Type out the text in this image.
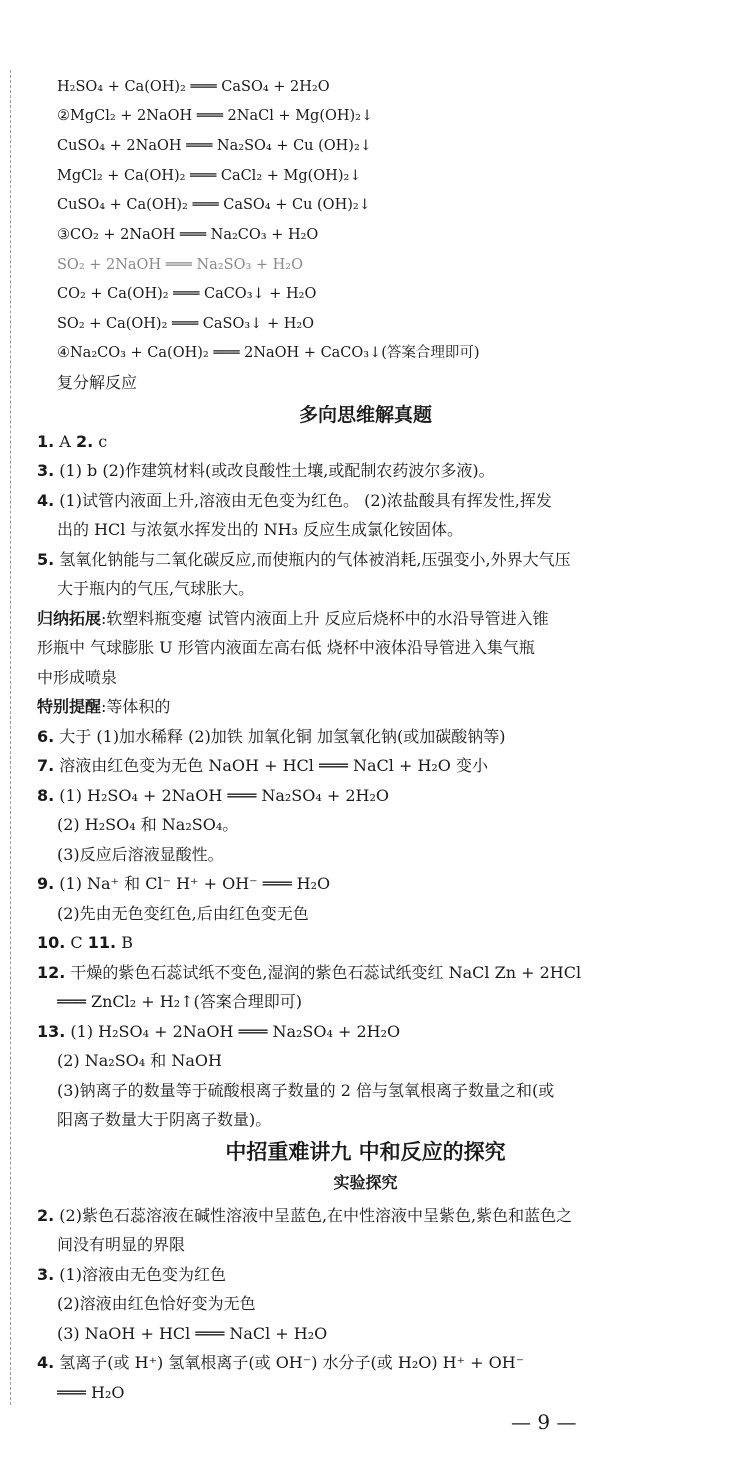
H₂SO₄ + Ca(OH)₂ ═══ CaSO₄ + 2H₂O
②MgCl₂ + 2NaOH ═══ 2NaCl + Mg(OH)₂↓
CuSO₄ + 2NaOH ═══ Na₂SO₄ + Cu (OH)₂↓
MgCl₂ + Ca(OH)₂ ═══ CaCl₂ + Mg(OH)₂↓
CuSO₄ + Ca(OH)₂ ═══ CaSO₄ + Cu (OH)₂↓
③CO₂ + 2NaOH ═══ Na₂CO₃ + H₂O
SO₂ + 2NaOH ═══ Na₂SO₃ + H₂O
CO₂ + Ca(OH)₂ ═══ CaCO₃↓ + H₂O
SO₂ + Ca(OH)₂ ═══ CaSO₃↓ + H₂O
④Na₂CO₃ + Ca(OH)₂ ═══ 2NaOH + CaCO₃↓(答案合理即可)
复分解反应
多向思维解真题
1. A 2. c
3. (1) b (2)作建筑材料(或改良酸性土壤,或配制农药波尔多液)。
4. (1)试管内液面上升,溶液由无色变为红色。 (2)浓盐酸具有挥发性,挥发
出的 HCl 与浓氨水挥发出的 NH₃ 反应生成氯化铵固体。
5. 氢氧化钠能与二氧化碳反应,而使瓶内的气体被消耗,压强变小,外界大气压
大于瓶内的气压,气球胀大。
归纳拓展:软塑料瓶变瘪 试管内液面上升 反应后烧杯中的水沿导管进入锥
形瓶中 气球膨胀 U 形管内液面左高右低 烧杯中液体沿导管进入集气瓶
中形成喷泉
特别提醒:等体积的
6. 大于 (1)加水稀释 (2)加铁 加氧化铜 加氢氧化钠(或加碳酸钠等)
7. 溶液由红色变为无色 NaOH + HCl ═══ NaCl + H₂O 变小
8. (1) H₂SO₄ + 2NaOH ═══ Na₂SO₄ + 2H₂O
(2) H₂SO₄ 和 Na₂SO₄。
(3)反应后溶液显酸性。
9. (1) Na⁺ 和 Cl⁻ H⁺ + OH⁻ ═══ H₂O
(2)先由无色变红色,后由红色变无色
10. C 11. B
12. 干燥的紫色石蕊试纸不变色,湿润的紫色石蕊试纸变红 NaCl Zn + 2HCl
═══ ZnCl₂ + H₂↑(答案合理即可)
13. (1) H₂SO₄ + 2NaOH ═══ Na₂SO₄ + 2H₂O
(2) Na₂SO₄ 和 NaOH
(3)钠离子的数量等于硫酸根离子数量的 2 倍与氢氧根离子数量之和(或
阳离子数量大于阴离子数量)。
中招重难讲九 中和反应的探究
实验探究
2. (2)紫色石蕊溶液在碱性溶液中呈蓝色,在中性溶液中呈紫色,紫色和蓝色之
间没有明显的界限
3. (1)溶液由无色变为红色
(2)溶液由红色恰好变为无色
(3) NaOH + HCl ═══ NaCl + H₂O
4. 氢离子(或 H⁺) 氢氧根离子(或 OH⁻) 水分子(或 H₂O) H⁺ + OH⁻
═══ H₂O
— 9 —
